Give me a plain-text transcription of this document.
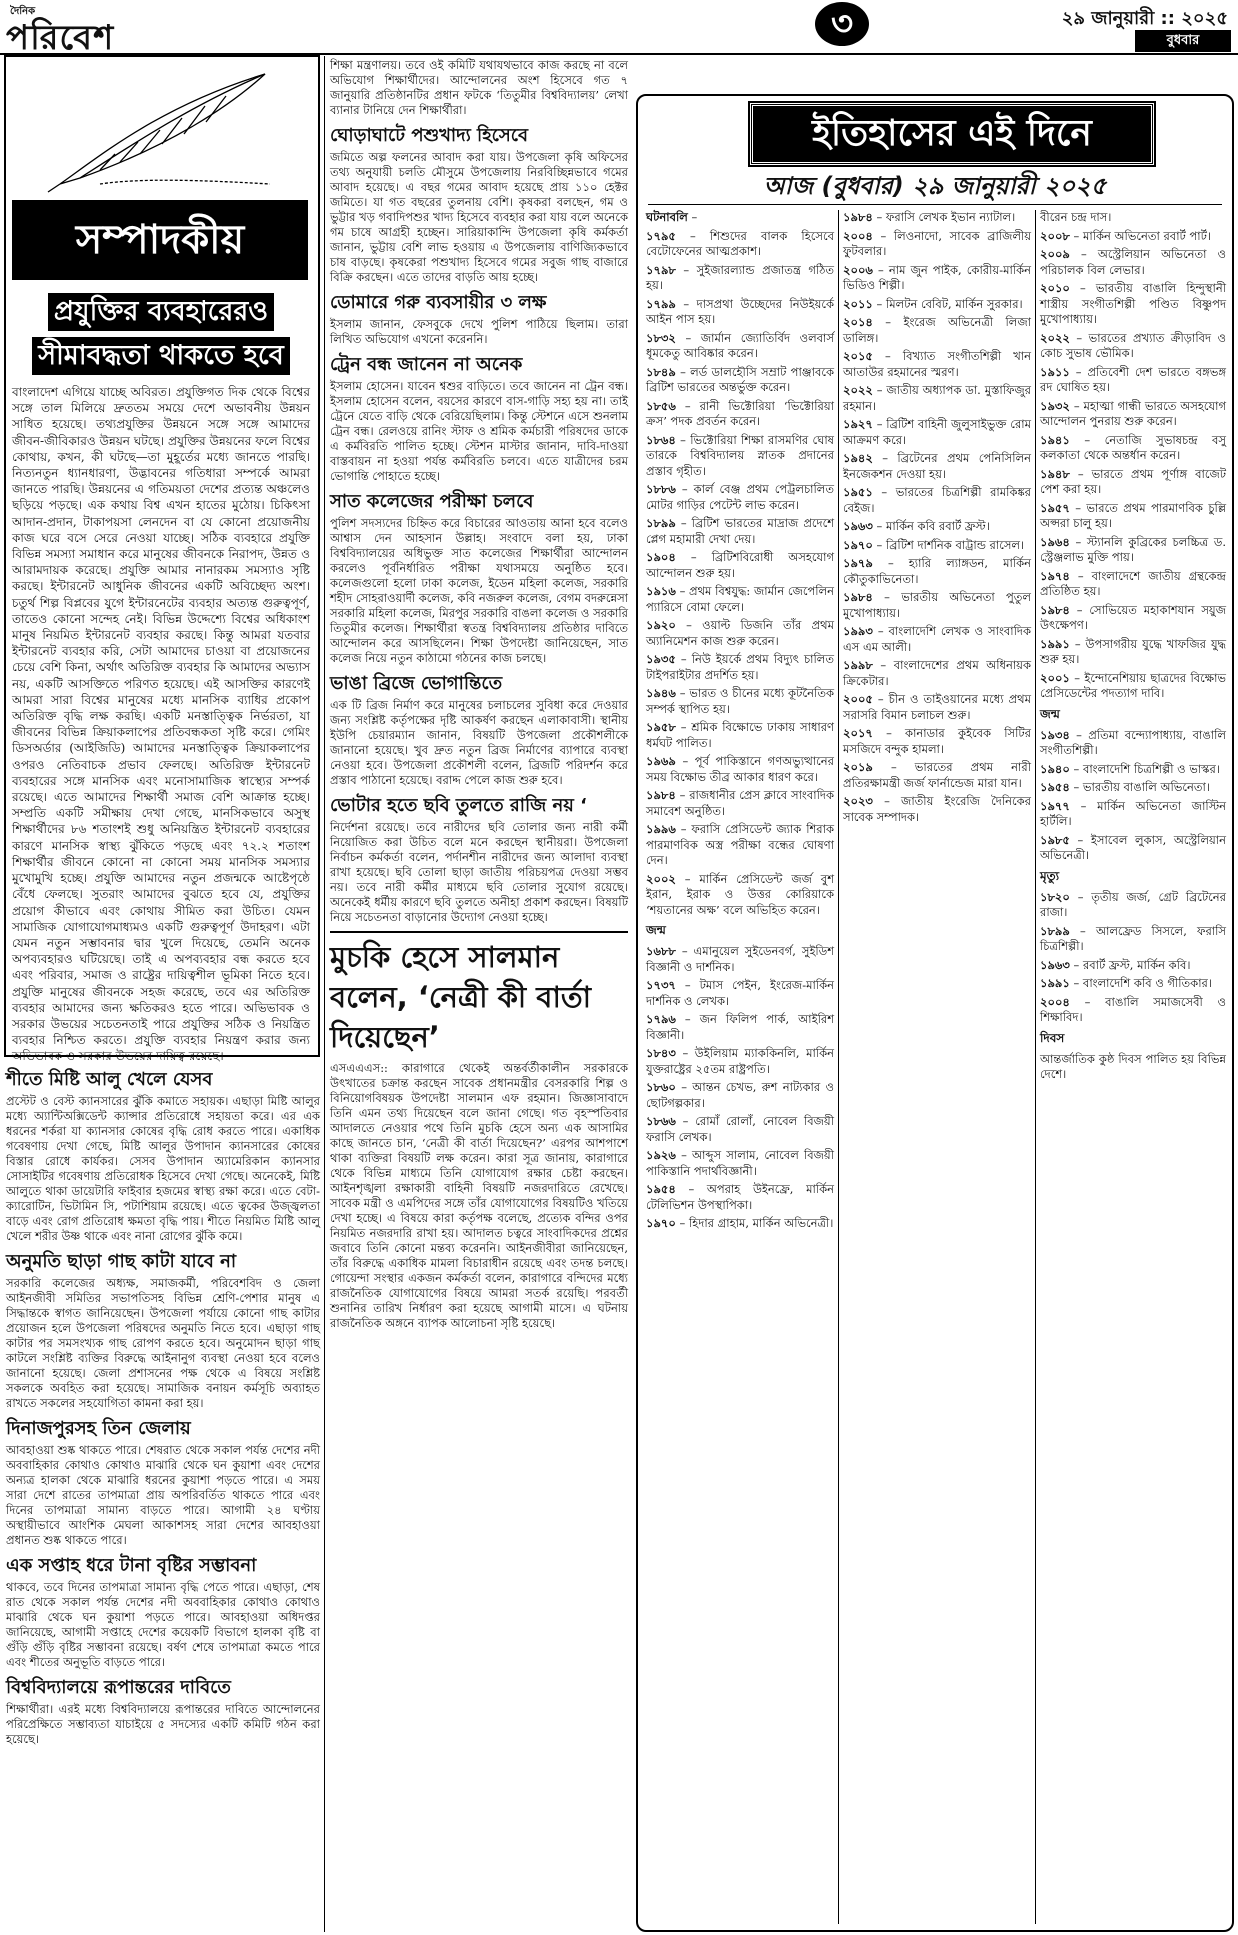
দৈনিক
পরিবেশ	৩	২৯ জানুয়ারী :: ২০২৫
বুধবার
সম্পাদকীয়
প্রযুক্তির ব্যবহারেরও
সীমাবদ্ধতা থাকতে হবে

বাংলাদেশ এগিয়ে যাচ্ছে অবিরত। প্রযুক্তিগত দিক থেকে বিশ্বের সঙ্গে তাল মিলিয়ে দ্রুততম সময়ে দেশে অভাবনীয় উন্নয়ন সাধিত হয়েছে। তথ্যপ্রযুক্তির উন্নয়নে সঙ্গে সঙ্গে আমাদের জীবন-জীবিকারও উন্নয়ন ঘটছে। প্রযুক্তির উন্নয়নের ফলে বিশ্বের কোথায়, কখন, কী ঘটছে—তা মুহূর্তের মধ্যে জানতে পারছি। নিত্যনতুন ধ্যানধারণা, উদ্ভাবনের গতিধারা সম্পর্কে আমরা জানতে পারছি। উন্নয়নের এ গতিময়তা দেশের প্রত্যন্ত অঞ্চলেও ছড়িয়ে পড়ছে। এক কথায় বিশ্ব এখন হাতের মুঠোয়। চিকিৎসা আদান-প্রদান, টাকাপয়সা লেনদেন বা যে কোনো প্রয়োজনীয় কাজ ঘরে বসে সেরে নেওয়া যাচ্ছে। সঠিক ব্যবহারে প্রযুক্তি বিভিন্ন সমস্যা সমাধান করে মানুষের জীবনকে নিরাপদ, উন্নত ও আরামদায়ক করেছে। প্রযুক্তি আমার নানারকম সমস্যাও সৃষ্টি করছে। ইন্টারনেট আধুনিক জীবনের একটি অবিচ্ছেদ্য অংশ। চতুর্থ শিল্প বিপ্লবের যুগে ইন্টারনেটের ব্যবহার অত্যন্ত গুরুত্বপূর্ণ, তাতেও কোনো সন্দেহ নেই। বিভিন্ন উদ্দেশ্যে বিশ্বের অধিকাংশ মানুষ নিয়মিত ইন্টারনেট ব্যবহার করছে। কিন্তু আমরা যতবার ইন্টারনেট ব্যবহার করি, সেটা আমাদের চাওয়া বা প্রয়োজনের চেয়ে বেশি কিনা, অর্থাৎ অতিরিক্ত ব্যবহার কি আমাদের অভ্যাস নয়, একটি আসক্তিতে পরিণত হয়েছে। এই আসক্তির কারণেই আমরা সারা বিশ্বের মানুষের মধ্যে মানসিক ব্যাধির প্রকোপ অতিরিক্ত বৃদ্ধি লক্ষ করছি। একটি মনস্তাত্ত্বিক নির্ভরতা, যা জীবনের বিভিন্ন ক্রিয়াকলাপের প্রতিবন্ধকতা সৃষ্টি করে। গেমিং ডিসঅর্ডার (আইজিডি) আমাদের মনস্তাত্ত্বিক ক্রিয়াকলাপের ওপরও নেতিবাচক প্রভাব ফেলছে। অতিরিক্ত ইন্টারনেট ব্যবহারের সঙ্গে মানসিক এবং মনোসামাজিক স্বাস্থ্যের সম্পর্ক রয়েছে। এতে আমাদের শিক্ষার্থী সমাজ বেশি আক্রান্ত হচ্ছে। সম্প্রতি একটি সমীক্ষায় দেখা গেছে, মানসিকভাবে অসুস্থ শিক্ষার্থীদের ৮৬ শতাংশই শুধু অনিয়ন্ত্রিত ইন্টারনেট ব্যবহারের কারণে মানসিক স্বাস্থ্য ঝুঁকিতে পড়ছে এবং ৭২.২ শতাংশ শিক্ষার্থীর জীবনে কোনো না কোনো সময় মানসিক সমস্যার মুখোমুখি হচ্ছে। প্রযুক্তি আমাদের নতুন প্রজন্মকে আষ্টেপৃষ্ঠে বেঁধে ফেলছে। সুতরাং আমাদের বুঝতে হবে যে, প্রযুক্তির প্রয়োগ কীভাবে এবং কোথায় সীমিত করা উচিত। যেমন সামাজিক যোগাযোগমাধ্যমও একটি গুরুত্বপূর্ণ উদাহরণ। এটা যেমন নতুন সম্ভাবনার দ্বার খুলে দিয়েছে, তেমনি অনেক অপব্যবহারও ঘটিয়েছে। তাই এ অপব্যবহার বন্ধ করতে হবে এবং পরিবার, সমাজ ও রাষ্ট্রের দায়িত্বশীল ভূমিকা নিতে হবে। প্রযুক্তি মানুষের জীবনকে সহজ করেছে, তবে এর অতিরিক্ত ব্যবহার আমাদের জন্য ক্ষতিকরও হতে পারে। অভিভাবক ও সরকার উভয়ের সচেতনতাই পারে প্রযুক্তির সঠিক ও নিয়ন্ত্রিত ব্যবহার নিশ্চিত করতে। প্রযুক্তি ব্যবহার নিয়ন্ত্রণ করার জন্য অভিভাবক ও সরকার উভয়ের দায়িত্ব রয়েছে।

শীতে মিষ্টি আলু খেলে যেসব

প্রস্টেট ও বেস্ট ক্যানসারের ঝুঁকি কমাতে সহায়ক। এছাড়া মিষ্টি আলুর মধ্যে অ্যান্টিঅক্সিডেন্ট ক্যান্সার প্রতিরোধে সহায়তা করে। এর এক ধরনের শর্করা যা ক্যানসার কোষের বৃদ্ধি রোধ করতে পারে। একাধিক গবেষণায় দেখা গেছে, মিষ্টি আলুর উপাদান ক্যানসারের কোষের বিস্তার রোধে কার্যকর। সেসব উপাদান অ্যামেরিকান ক্যানসার সোসাইটির গবেষণায় প্রতিরোধক হিসেবে দেখা গেছে। অনেকেই, মিষ্টি আলুতে থাকা ডায়েটারি ফাইবার হজমের স্বাস্থ্য রক্ষা করে। এতে বেটা-ক্যারোটিন, ভিটামিন সি, পটাশিয়াম রয়েছে। এতে ত্বকের উজ্জ্বলতা বাড়ে এবং রোগ প্রতিরোধ ক্ষমতা বৃদ্ধি পায়। শীতে নিয়মিত মিষ্টি আলু খেলে শরীর উষ্ণ থাকে এবং নানা রোগের ঝুঁকি কমে।

অনুমতি ছাড়া গাছ কাটা যাবে না

সরকারি কলেজের অধ্যক্ষ, সমাজকর্মী, পরিবেশবিদ ও জেলা আইনজীবী সমিতির সভাপতিসহ বিভিন্ন শ্রেণি-পেশার মানুষ এ সিদ্ধান্তকে স্বাগত জানিয়েছেন। উপজেলা পর্যায়ে কোনো গাছ কাটার প্রয়োজন হলে উপজেলা পরিষদের অনুমতি নিতে হবে। এছাড়া গাছ কাটার পর সমসংখ্যক গাছ রোপণ করতে হবে। অনুমোদন ছাড়া গাছ কাটলে সংশ্লিষ্ট ব্যক্তির বিরুদ্ধে আইনানুগ ব্যবস্থা নেওয়া হবে বলেও জানানো হয়েছে। জেলা প্রশাসনের পক্ষ থেকে এ বিষয়ে সংশ্লিষ্ট সকলকে অবহিত করা হয়েছে। সামাজিক বনায়ন কর্মসূচি অব্যাহত রাখতে সকলের সহযোগিতা কামনা করা হয়।

দিনাজপুরসহ তিন জেলায়

আবহাওয়া শুষ্ক থাকতে পারে। শেষরাত থেকে সকাল পর্যন্ত দেশের নদী অববাহিকার কোথাও কোথাও মাঝারি থেকে ঘন কুয়াশা এবং দেশের অন্যত্র হালকা থেকে মাঝারি ধরনের কুয়াশা পড়তে পারে। এ সময় সারা দেশে রাতের তাপমাত্রা প্রায় অপরিবর্তিত থাকতে পারে এবং দিনের তাপমাত্রা সামান্য বাড়তে পারে। আগামী ২৪ ঘণ্টায় অস্থায়ীভাবে আংশিক মেঘলা আকাশসহ সারা দেশের আবহাওয়া প্রধানত শুষ্ক থাকতে পারে।

এক সপ্তাহ ধরে টানা বৃষ্টির সম্ভাবনা

থাকবে, তবে দিনের তাপমাত্রা সামান্য বৃদ্ধি পেতে পারে। এছাড়া, শেষ রাত থেকে সকাল পর্যন্ত দেশের নদী অববাহিকার কোথাও কোথাও মাঝারি থেকে ঘন কুয়াশা পড়তে পারে। আবহাওয়া অধিদপ্তর জানিয়েছে, আগামী সপ্তাহে দেশের কয়েকটি বিভাগে হালকা বৃষ্টি বা গুঁড়ি গুঁড়ি বৃষ্টির সম্ভাবনা রয়েছে। বর্ষণ শেষে তাপমাত্রা কমতে পারে এবং শীতের অনুভূতি বাড়তে পারে।

বিশ্ববিদ্যালয়ে রূপান্তরের দাবিতে

শিক্ষার্থীরা। এরই মধ্যে বিশ্ববিদ্যালয়ে রূপান্তরের দাবিতে আন্দোলনের পরিপ্রেক্ষিতে সম্ভাব্যতা যাচাইয়ে ৫ সদস্যের একটি কমিটি গঠন করা হয়েছে।

শিক্ষা মন্ত্রণালয়। তবে ওই কমিটি যথাযথভাবে কাজ করছে না বলে অভিযোগ শিক্ষার্থীদের। আন্দোলনের অংশ হিসেবে গত ৭ জানুয়ারি প্রতিষ্ঠানটির প্রধান ফটকে ‘তিতুমীর বিশ্ববিদ্যালয়’ লেখা ব্যানার টানিয়ে দেন শিক্ষার্থীরা।

ঘোড়াঘাটে পশুখাদ্য হিসেবে

জমিতে অল্প ফলনের আবাদ করা যায়। উপজেলা কৃষি অফিসের তথ্য অনুযায়ী চলতি মৌসুমে উপজেলায় নিরবিচ্ছিন্নভাবে গমের আবাদ হয়েছে। এ বছর গমের আবাদ হয়েছে প্রায় ১১০ হেক্টর জমিতে। যা গত বছরের তুলনায় বেশি। কৃষকরা বলছেন, গম ও ভুট্টার খড় গবাদিপশুর খাদ্য হিসেবে ব্যবহার করা যায় বলে অনেকে গম চাষে আগ্রহী হচ্ছেন। সারিয়াকান্দি উপজেলা কৃষি কর্মকর্তা জানান, ভুট্টায় বেশি লাভ হওয়ায় এ উপজেলায় বাণিজ্যিকভাবে চাষ বাড়ছে। কৃষকেরা পশুখাদ্য হিসেবে গমের সবুজ গাছ বাজারে বিক্রি করছেন। এতে তাদের বাড়তি আয় হচ্ছে।

ডোমারে গরু ব্যবসায়ীর ৩ লক্ষ

ইসলাম জানান, ফেসবুকে দেখে পুলিশ পাঠিয়ে ছিলাম। তারা লিখিত অভিযোগ এখনো করেননি।

ট্রেন বন্ধ জানেন না অনেক

ইসলাম হোসেন। যাবেন শ্বশুর বাড়িতে। তবে জানেন না ট্রেন বন্ধ। ইসলাম হোসেন বলেন, বয়সের কারণে বাস-গাড়ি সহ্য হয় না। তাই ট্রেনে যেতে বাড়ি থেকে বেরিয়েছিলাম। কিন্তু স্টেশনে এসে শুনলাম ট্রেন বন্ধ। রেলওয়ে রানিং স্টাফ ও শ্রমিক কর্মচারী পরিষদের ডাকে এ কর্মবিরতি পালিত হচ্ছে। স্টেশন মাস্টার জানান, দাবি-দাওয়া বাস্তবায়ন না হওয়া পর্যন্ত কর্মবিরতি চলবে। এতে যাত্রীদের চরম ভোগান্তি পোহাতে হচ্ছে।

সাত কলেজের পরীক্ষা চলবে

পুলিশ সদস্যদের চিহ্নিত করে বিচারের আওতায় আনা হবে বলেও আশ্বাস দেন আহসান উল্লাহ। সংবাদে বলা হয়, ঢাকা বিশ্ববিদ্যালয়ের অধিভুক্ত সাত কলেজের শিক্ষার্থীরা আন্দোলন করলেও পূর্বনির্ধারিত পরীক্ষা যথাসময়ে অনুষ্ঠিত হবে। কলেজগুলো হলো ঢাকা কলেজ, ইডেন মহিলা কলেজ, সরকারি শহীদ সোহরাওয়ার্দী কলেজ, কবি নজরুল কলেজ, বেগম বদরুন্নেসা সরকারি মহিলা কলেজ, মিরপুর সরকারি বাঙলা কলেজ ও সরকারি তিতুমীর কলেজ। শিক্ষার্থীরা স্বতন্ত্র বিশ্ববিদ্যালয় প্রতিষ্ঠার দাবিতে আন্দোলন করে আসছিলেন। শিক্ষা উপদেষ্টা জানিয়েছেন, সাত কলেজ নিয়ে নতুন কাঠামো গঠনের কাজ চলছে।

ভাঙা ব্রিজে ভোগান্তিতে

এক টি ব্রিজ নির্মাণ করে মানুষের চলাচলের সুবিধা করে দেওয়ার জন্য সংশ্লিষ্ট কর্তৃপক্ষের দৃষ্টি আকর্ষণ করছেন এলাকাবাসী। স্থানীয় ইউপি চেয়ারম্যান জানান, বিষয়টি উপজেলা প্রকৌশলীকে জানানো হয়েছে। খুব দ্রুত নতুন ব্রিজ নির্মাণের ব্যাপারে ব্যবস্থা নেওয়া হবে। উপজেলা প্রকৌশলী বলেন, ব্রিজটি পরিদর্শন করে প্রস্তাব পাঠানো হয়েছে। বরাদ্দ পেলে কাজ শুরু হবে।

ভোটার হতে ছবি তুলতে রাজি নয় ‘

নির্দেশনা রয়েছে। তবে নারীদের ছবি তোলার জন্য নারী কর্মী নিয়োজিত করা উচিত বলে মনে করছেন স্থানীয়রা। উপজেলা নির্বাচন কর্মকর্তা বলেন, পর্দানশীন নারীদের জন্য আলাদা ব্যবস্থা রাখা হয়েছে। ছবি তোলা ছাড়া জাতীয় পরিচয়পত্র দেওয়া সম্ভব নয়। তবে নারী কর্মীর মাধ্যমে ছবি তোলার সুযোগ রয়েছে। অনেকেই ধর্মীয় কারণে ছবি তুলতে অনীহা প্রকাশ করছেন। বিষয়টি নিয়ে সচেতনতা বাড়ানোর উদ্যোগ নেওয়া হচ্ছে।

মুচকি হেসে সালমান বলেন, ‘নেত্রী কী বার্তা দিয়েছেন’

এসএএএস:: কারাগারে থেকেই অন্তর্বর্তীকালীন সরকারকে উৎখাতের চক্রান্ত করছেন সাবেক প্রধানমন্ত্রীর বেসরকারি শিল্প ও বিনিয়োগবিষয়ক উপদেষ্টা সালমান এফ রহমান। জিজ্ঞাসাবাদে তিনি এমন তথ্য দিয়েছেন বলে জানা গেছে। গত বৃহস্পতিবার আদালতে নেওয়ার পথে তিনি মুচকি হেসে অন্য এক আসামির কাছে জানতে চান, ‘নেত্রী কী বার্তা দিয়েছেন?’ এরপর আশপাশে থাকা ব্যক্তিরা বিষয়টি লক্ষ করেন। কারা সূত্র জানায়, কারাগারে থেকে বিভিন্ন মাধ্যমে তিনি যোগাযোগ রক্ষার চেষ্টা করছেন। আইনশৃঙ্খলা রক্ষাকারী বাহিনী বিষয়টি নজরদারিতে রেখেছে। সাবেক মন্ত্রী ও এমপিদের সঙ্গে তাঁর যোগাযোগের বিষয়টিও খতিয়ে দেখা হচ্ছে। এ বিষয়ে কারা কর্তৃপক্ষ বলেছে, প্রত্যেক বন্দির ওপর নিয়মিত নজরদারি রাখা হয়। আদালত চত্বরে সাংবাদিকদের প্রশ্নের জবাবে তিনি কোনো মন্তব্য করেননি। আইনজীবীরা জানিয়েছেন, তাঁর বিরুদ্ধে একাধিক মামলা বিচারাধীন রয়েছে এবং তদন্ত চলছে। গোয়েন্দা সংস্থার একজন কর্মকর্তা বলেন, কারাগারে বন্দিদের মধ্যে রাজনৈতিক যোগাযোগের বিষয়ে আমরা সতর্ক রয়েছি। পরবর্তী শুনানির তারিখ নির্ধারণ করা হয়েছে আগামী মাসে। এ ঘটনায় রাজনৈতিক অঙ্গনে ব্যাপক আলোচনা সৃষ্টি হয়েছে।

ইতিহাসের এই দিনে
আজ (বুধবার) ২৯ জানুয়ারী ২০২৫

ঘটনাবলি –

১৭৯৫ – শিশুদের বালক হিসেবে বেটোফেনের আত্মপ্রকাশ।

১৭৯৮ – সুইজারল্যান্ড প্রজাতন্ত্র গঠিত হয়।

১৭৯৯ – দাসপ্রথা উচ্ছেদের নিউইয়র্কে আইন পাস হয়।

১৮৩২ – জার্মান জ্যোতির্বিদ ওলবার্স ধূমকেতু আবিষ্কার করেন।

১৮৪৯ – লর্ড ডালহৌসি সম্রাট পাঞ্জাবকে ব্রিটিশ ভারতের অন্তর্ভুক্ত করেন।

১৮৫৬ – রানী ভিক্টোরিয়া ‘ভিক্টোরিয়া ক্রস’ পদক প্রবর্তন করেন।

১৮৬৪ – ভিক্টোরিয়া শিক্ষা রাসমণির ঘোষ তারকে বিশ্ববিদ্যালয় স্নাতক প্রদানের প্রস্তাব গৃহীত।

১৮৮৬ – কার্ল বেঞ্জ প্রথম পেট্রলচালিত মোটর গাড়ির পেটেন্ট লাভ করেন।

১৮৯৯ – ব্রিটিশ ভারতের মাদ্রাজ প্রদেশে প্লেগ মহামারী দেখা দেয়।

১৯০৪ – ব্রিটিশবিরোধী অসহযোগ আন্দোলন শুরু হয়।

১৯১৬ – প্রথম বিশ্বযুদ্ধ: জার্মান জেপেলিন প্যারিসে বোমা ফেলে।

১৯২০ – ওয়াল্ট ডিজনি তাঁর প্রথম অ্যানিমেশন কাজ শুরু করেন।

১৯৩৫ – নিউ ইয়র্কে প্রথম বিদ্যুৎ চালিত টাইপরাইটার প্রদর্শিত হয়।

১৯৪৬ – ভারত ও চীনের মধ্যে কূটনৈতিক সম্পর্ক স্থাপিত হয়।

১৯৫৮ – শ্রমিক বিক্ষোভে ঢাকায় সাধারণ ধর্মঘট পালিত।

১৯৬৯ – পূর্ব পাকিস্তানে গণঅভ্যুত্থানের সময় বিক্ষোভ তীব্র আকার ধারণ করে।

১৯৮৪ – রাজধানীর প্রেস ক্লাবে সাংবাদিক সমাবেশ অনুষ্ঠিত।

১৯৯৬ – ফরাসি প্রেসিডেন্ট জ্যাক শিরাক পারমাণবিক অস্ত্র পরীক্ষা বন্ধের ঘোষণা দেন।

২০০২ – মার্কিন প্রেসিডেন্ট জর্জ বুশ ইরান, ইরাক ও উত্তর কোরিয়াকে ‘শয়তানের অক্ষ’ বলে অভিহিত করেন।

জন্ম

১৬৮৮ – এমানুয়েল সুইডেনবর্গ, সুইডিশ বিজ্ঞানী ও দার্শনিক।

১৭৩৭ – টমাস পেইন, ইংরেজ-মার্কিন দার্শনিক ও লেখক।

১৭৯৬ – জন ফিলিপ পার্ক, আইরিশ বিজ্ঞানী।

১৮৪৩ – উইলিয়াম ম্যাককিনলি, মার্কিন যুক্তরাষ্ট্রের ২৫তম রাষ্ট্রপতি।

১৮৬০ – আন্তন চেখভ, রুশ নাট্যকার ও ছোটগল্পকার।

১৮৬৬ – রোমাঁ রোলাঁ, নোবেল বিজয়ী ফরাসি লেখক।

১৯২৬ – আব্দুস সালাম, নোবেল বিজয়ী পাকিস্তানি পদার্থবিজ্ঞানী।

১৯৫৪ – অপরাহ উইনফ্রে, মার্কিন টেলিভিশন উপস্থাপিকা।

১৯৭০ – হিদার গ্রাহাম, মার্কিন অভিনেত্রী।

১৯৮৪ – ফরাসি লেখক ইভান ন্যাটাল।

২০০৪ – লিওনাদো, সাবেক ব্রাজিলীয় ফুটবলার।

২০০৬ – নাম জুন পাইক, কোরীয়-মার্কিন ভিডিও শিল্পী।

২০১১ – মিলটন বেবিট, মার্কিন সুরকার।

২০১৪ – ইংরেজ অভিনেত্রী লিজা ডালিঙ্গ।

২০১৫ – বিখ্যাত সংগীতশিল্পী খান আতাউর রহমানের স্মরণ।

২০২২ – জাতীয় অধ্যাপক ডা. মুস্তাফিজুর রহমান।

১৯২৭ – ব্রিটিশ বাহিনী জুলুসাইভুক্ত রোম আক্রমণ করে।

১৯৪২ – ব্রিটেনের প্রথম পেনিসিলিন ইনজেকশন দেওয়া হয়।

১৯৫১ – ভারতের চিত্রশিল্পী রামকিঙ্কর বেইজ।

১৯৬৩ – মার্কিন কবি রবার্ট ফ্রস্ট।

১৯৭০ – ব্রিটিশ দার্শনিক বাট্রান্ড রাসেল।

১৯৭৯ – হ্যারি ল্যাঙ্গডন, মার্কিন কৌতুকাভিনেতা।

১৯৮৪ – ভারতীয় অভিনেতা পুতুল মুখোপাধ্যায়।

১৯৯৩ – বাংলাদেশি লেখক ও সাংবাদিক এস এম আলী।

১৯৯৮ – বাংলাদেশের প্রথম অধিনায়ক ক্রিকেটার।

২০০৫ – চীন ও তাইওয়ানের মধ্যে প্রথম সরাসরি বিমান চলাচল শুরু।

২০১৭ – কানাডার কুইবেক সিটির মসজিদে বন্দুক হামলা।

২০১৯ – ভারতের প্রথম নারী প্রতিরক্ষামন্ত্রী জর্জ ফার্নান্ডেজ মারা যান।

২০২৩ – জাতীয় ইংরেজি দৈনিকের সাবেক সম্পাদক।

বীরেন চন্দ্র দাস।

২০০৮ – মার্কিন অভিনেতা রবার্ট পার্ট।

২০০৯ – অস্ট্রেলিয়ান অভিনেতা ও পরিচালক বিল লেভার।

২০১০ – ভারতীয় বাঙালি হিন্দুস্থানী শাস্ত্রীয় সংগীতশিল্পী পণ্ডিত বিষ্ণুপদ মুখোপাধ্যায়।

২০২২ – ভারতের প্রখ্যাত ক্রীড়াবিদ ও কোচ সুভাষ ভৌমিক।

১৯১১ – প্রতিবেশী দেশ ভারতে বঙ্গভঙ্গ রদ ঘোষিত হয়।

১৯৩২ – মহাত্মা গান্ধী ভারতে অসহযোগ আন্দোলন পুনরায় শুরু করেন।

১৯৪১ – নেতাজি সুভাষচন্দ্র বসু কলকাতা থেকে অন্তর্ধান করেন।

১৯৪৮ – ভারতে প্রথম পূর্ণাঙ্গ বাজেট পেশ করা হয়।

১৯৫৭ – ভারতে প্রথম পারমাণবিক চুল্লি অপ্সরা চালু হয়।

১৯৬৪ – স্ট্যানলি কুব্রিকের চলচ্চিত্র ড. স্ট্রেঞ্জলাভ মুক্তি পায়।

১৯৭৪ – বাংলাদেশে জাতীয় গ্রন্থকেন্দ্র প্রতিষ্ঠিত হয়।

১৯৮৪ – সোভিয়েত মহাকাশযান সয়ুজ উৎক্ষেপণ।

১৯৯১ – উপসাগরীয় যুদ্ধে খাফজির যুদ্ধ শুরু হয়।

২০০১ – ইন্দোনেশিয়ায় ছাত্রদের বিক্ষোভ প্রেসিডেন্টের পদত্যাগ দাবি।

জন্ম

১৯৩৪ – প্রতিমা বন্দ্যোপাধ্যায়, বাঙালি সংগীতশিল্পী।

১৯৪০ – বাংলাদেশি চিত্রশিল্পী ও ভাস্কর।

১৯৫৪ – ভারতীয় বাঙালি অভিনেতা।

১৯৭৭ – মার্কিন অভিনেতা জাস্টিন হার্টলি।

১৯৮৫ – ইসাবেল লুকাস, অস্ট্রেলিয়ান অভিনেত্রী।

মৃত্যু

১৮২০ – তৃতীয় জর্জ, গ্রেট ব্রিটেনের রাজা।

১৮৯৯ – আলফ্রেড সিসলে, ফরাসি চিত্রশিল্পী।

১৯৬৩ – রবার্ট ফ্রস্ট, মার্কিন কবি।

১৯৯১ – বাংলাদেশি কবি ও গীতিকার।

২০০৪ – বাঙালি সমাজসেবী ও শিক্ষাবিদ।

দিবস

আন্তর্জাতিক কুষ্ঠ দিবস পালিত হয় বিভিন্ন দেশে।
